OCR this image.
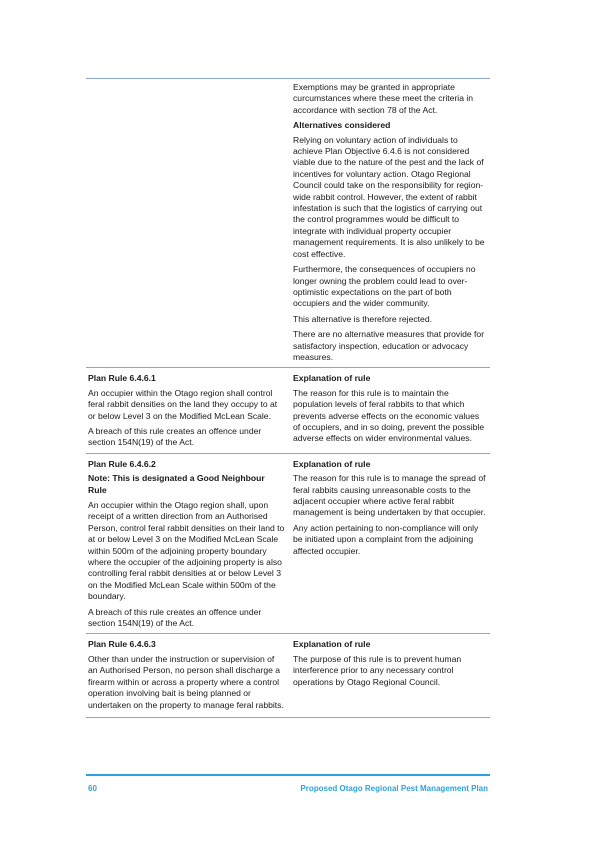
Exemptions may be granted in appropriate curcumstances where these meet the criteria in accordance with section 78 of the Act.

Alternatives considered

Relying on voluntary action of individuals to achieve Plan Objective 6.4.6 is not considered viable due to the nature of the pest and the lack of incentives for voluntary action. Otago Regional Council could take on the responsibility for region-wide rabbit control. However, the extent of rabbit infestation is such that the logistics of carrying out the control programmes would be difficult to integrate with individual property occupier management requirements. It is also unlikely to be cost effective.

Furthermore, the consequences of occupiers no longer owning the problem could lead to over-optimistic expectations on the part of both occupiers and the wider community.

This alternative is therefore rejected.

There are no alternative measures that provide for satisfactory inspection, education or advocacy measures.

Plan Rule 6.4.6.1

An occupier within the Otago region shall control feral rabbit densities on the land they occupy to at or below Level 3 on the Modified McLean Scale.

A breach of this rule creates an offence under section 154N(19) of the Act.

Explanation of rule

The reason for this rule is to maintain the population levels of feral rabbits to that which prevents adverse effects on the economic values of occupiers, and in so doing, prevent the possible adverse effects on wider environmental values.

Plan Rule 6.4.6.2

Note: This is designated a Good Neighbour Rule

An occupier within the Otago region shall, upon receipt of a written direction from an Authorised Person, control feral rabbit densities on their land to at or below Level 3 on the Modified McLean Scale within 500m of the adjoining property boundary where the occupier of the adjoining property is also controlling feral rabbit densities at or below Level 3 on the Modified McLean Scale within 500m of the boundary.

A breach of this rule creates an offence under section 154N(19) of the Act.

Explanation of rule

The reason for this rule is to manage the spread of feral rabbits causing unreasonable costs to the adjacent occupier where active feral rabbit management is being undertaken by that occupier.

Any action pertaining to non-compliance will only be initiated upon a complaint from the adjoining affected occupier.

Plan Rule 6.4.6.3

Other than under the instruction or supervision of an Authorised Person, no person shall discharge a firearm within or across a property where a control operation involving bait is being planned or undertaken on the property to manage feral rabbits.

Explanation of rule

The purpose of this rule is to prevent human interference prior to any necessary control operations by Otago Regional Council.

60	Proposed Otago Regional Pest Management Plan
